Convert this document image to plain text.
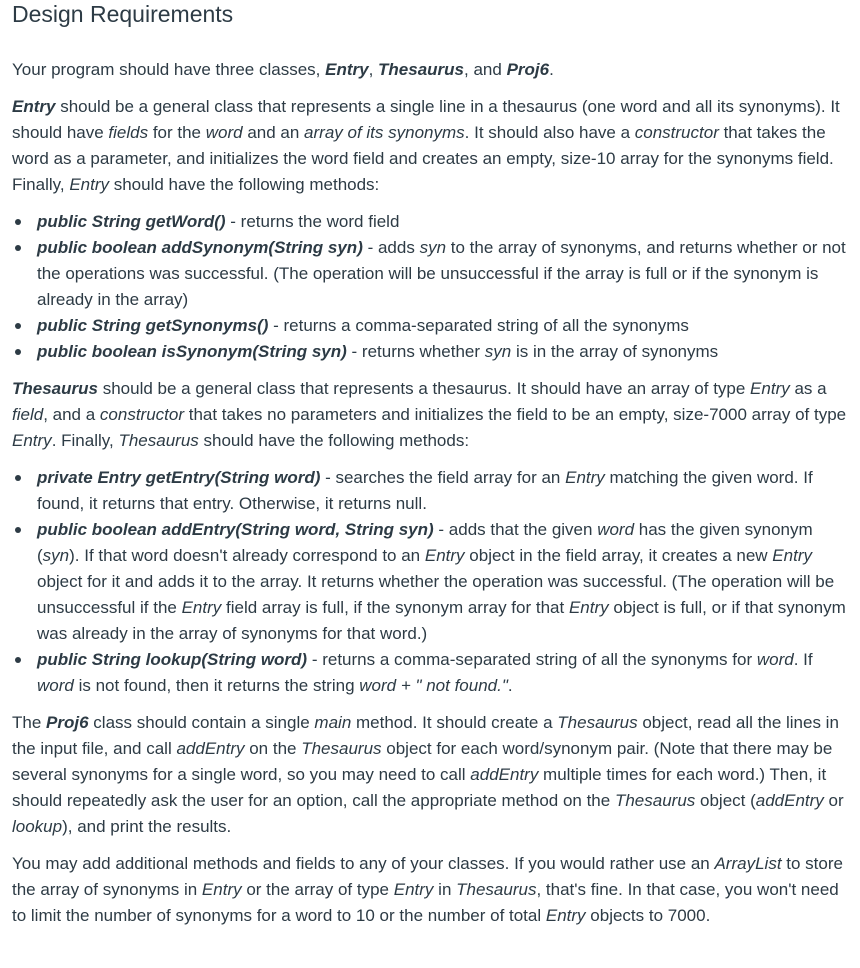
Design Requirements

Your program should have three classes, Entry, Thesaurus, and Proj6.

Entry should be a general class that represents a single line in a thesaurus (one word and all its synonyms). It should have fields for the word and an array of its synonyms. It should also have a constructor that takes the word as a parameter, and initializes the word field and creates an empty, size-10 array for the synonyms field. Finally, Entry should have the following methods:

public String getWord() - returns the word field
public boolean addSynonym(String syn) - adds syn to the array of synonyms, and returns whether or not the operations was successful. (The operation will be unsuccessful if the array is full or if the synonym is already in the array)
public String getSynonyms() - returns a comma-separated string of all the synonyms
public boolean isSynonym(String syn) - returns whether syn is in the array of synonyms

Thesaurus should be a general class that represents a thesaurus. It should have an array of type Entry as a field, and a constructor that takes no parameters and initializes the field to be an empty, size-7000 array of type Entry. Finally, Thesaurus should have the following methods:

private Entry getEntry(String word) - searches the field array for an Entry matching the given word. If found, it returns that entry. Otherwise, it returns null.
public boolean addEntry(String word, String syn) - adds that the given word has the given synonym (syn). If that word doesn't already correspond to an Entry object in the field array, it creates a new Entry object for it and adds it to the array. It returns whether the operation was successful. (The operation will be unsuccessful if the Entry field array is full, if the synonym array for that Entry object is full, or if that synonym was already in the array of synonyms for that word.)
public String lookup(String word) - returns a comma-separated string of all the synonyms for word. If word is not found, then it returns the string word + " not found.".

The Proj6 class should contain a single main method. It should create a Thesaurus object, read all the lines in the input file, and call addEntry on the Thesaurus object for each word/synonym pair. (Note that there may be several synonyms for a single word, so you may need to call addEntry multiple times for each word.) Then, it should repeatedly ask the user for an option, call the appropriate method on the Thesaurus object (addEntry or lookup), and print the results.

You may add additional methods and fields to any of your classes. If you would rather use an ArrayList to store the array of synonyms in Entry or the array of type Entry in Thesaurus, that's fine. In that case, you won't need to limit the number of synonyms for a word to 10 or the number of total Entry objects to 7000.
